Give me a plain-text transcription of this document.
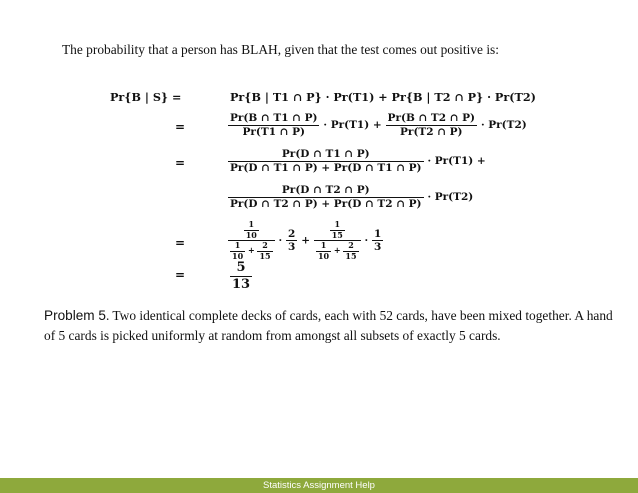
The probability that a person has BLAH, given that the test comes out positive is:
Pr{B | S} =	Pr{B | T1 ∩ P} · Pr(T1) + Pr{B | T2 ∩ P} · Pr(T2)
=	$\frac{Pr(B \cap T1 \cap P)}{Pr(T1 \cap P)} \cdot Pr(T1) + \frac{Pr(B \cap T2 \cap P)}{Pr(T2 \cap P)} \cdot Pr(T2)$
=	$\frac{Pr(D \cap T1 \cap P)}{Pr(D \cap T1 \cap P) + Pr(\overline{D} \cap T1 \cap P)} \cdot Pr(T1)$ +
$\frac{Pr(D \cap T2 \cap P)}{Pr(D \cap T2 \cap P) + Pr(\overline{D} \cap T2 \cap P)} \cdot Pr(T2)$
=	$\frac{\frac{1}{10}}{\frac{1}{10} + \frac{2}{15}} \cdot \frac{2}{3} + \frac{\frac{1}{15}}{\frac{1}{10} + \frac{2}{15}} \cdot \frac{1}{3}$
=	$\frac{5}{13}$
Problem 5. Two identical complete decks of cards, each with 52 cards, have been mixed together. A hand of 5 cards is picked uniformly at random from amongst all subsets of exactly 5 cards.
Statistics Assignment Help
